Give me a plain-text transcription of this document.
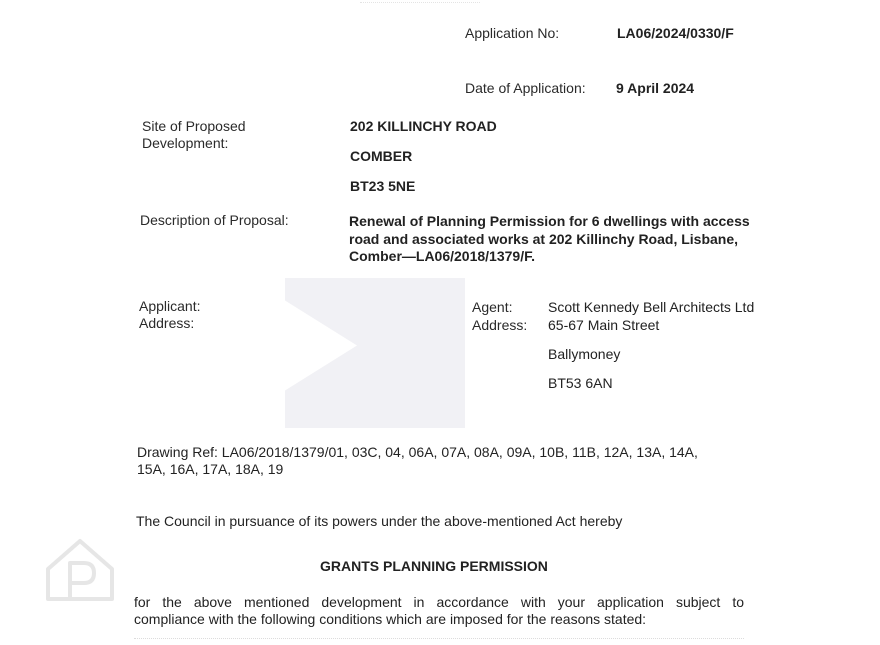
Application No:	LA06/2024/0330/F
Date of Application: 9 April 2024
Site of Proposed
Development:
202 KILLINCHY ROAD
COMBER
BT23 5NE
Description of Proposal:	Renewal of Planning Permission for 6 dwellings with access
road and associated works at 202 Killinchy Road, Lisbane,
Comber—LA06/2018/1379/F.
Applicant:
Address:
Agent:
Address:
Scott Kennedy Bell Architects Ltd
65-67 Main Street
Ballymoney
BT53 6AN
Drawing Ref: LA06/2018/1379/01, 03C, 04, 06A, 07A, 08A, 09A, 10B, 11B, 12A, 13A, 14A,
15A, 16A, 17A, 18A, 19
The Council in pursuance of its powers under the above-mentioned Act hereby
GRANTS PLANNING PERMISSION
for the above mentioned development in accordance with your application subject to
compliance with the following conditions which are imposed for the reasons stated:
